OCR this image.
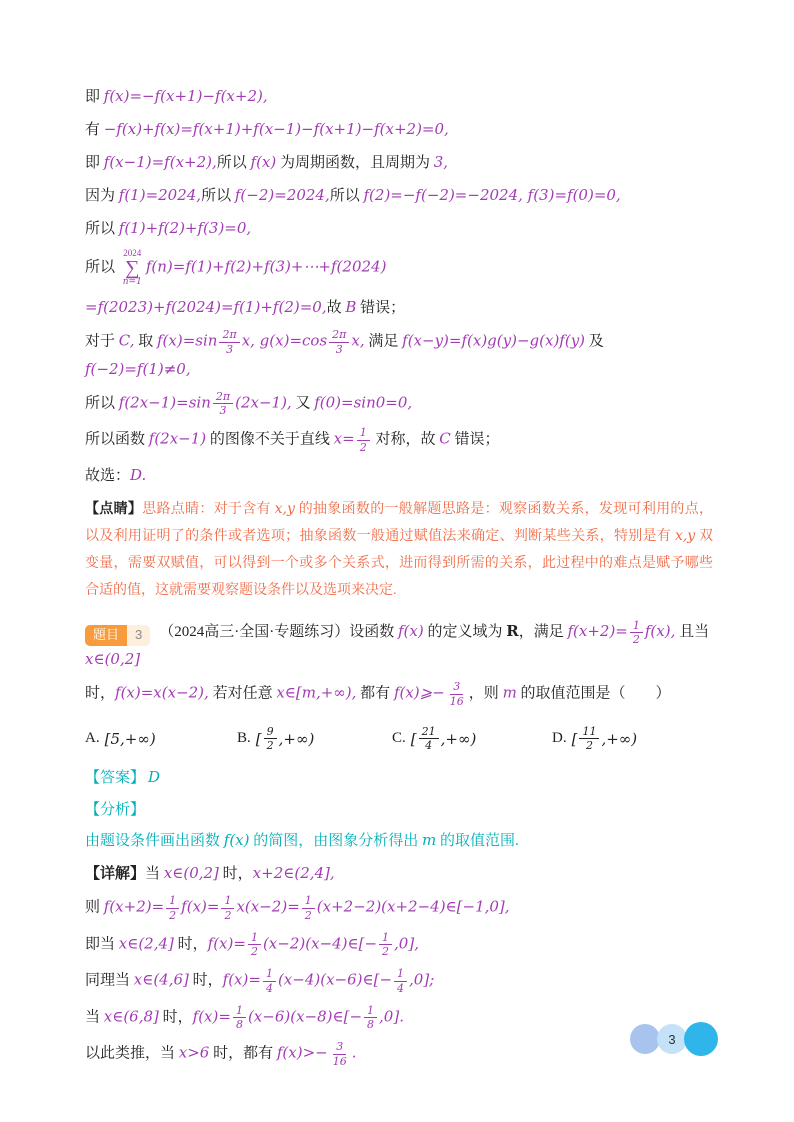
即 f(x)=−f(x+1)−f(x+2),
有 −f(x)+f(x)=f(x+1)+f(x−1)−f(x+1)−f(x+2)=0,
即 f(x−1)=f(x+2),所以 f(x) 为周期函数，且周期为 3,
因为 f(1)=2024,所以 f(−2)=2024,所以 f(2)=−f(−2)=−2024, f(3)=f(0)=0,
所以 f(1)+f(2)+f(3)=0,
所以
2024
∑
n=1
f(n)=f(1)+f(2)+f(3)+⋯+f(2024)
=f(2023)+f(2024)=f(1)+f(2)=0,故 B 错误；
对于 C, 取 $f(x)=\sin \frac{2\pi}{3} x$, $g(x)=\cos \frac{2\pi}{3} x$, 满足 f(x−y)=f(x)g(y)−g(x)f(y) 及 f(−2)=f(1)≠0,
所以 $f(2x-1)=\sin \frac{2\pi}{3} (2x-1)$, 又 f(0)=sin0=0,
所以函数 f(2x−1) 的图像不关于直线 $x= \frac{1}{2}$ 对称，故 C 错误；
故选：D.
【点睛】思路点睛：对于含有 x,y 的抽象函数的一般解题思路是：观察函数关系，发现可利用的点，以及利用证明了的条件或者选项；抽象函数一般通过赋值法来确定、判断某些关系，特别是有 x,y 双变量，需要双赋值，可以得到一个或多个关系式，进而得到所需的关系，此过程中的难点是赋予哪些合适的值，这就需要观察题设条件以及选项来决定.
題目	3	（2024高三·全国·专题练习）设函数 f(x) 的定义域为 R，满足 $f(x+2)= \frac{1}{2} f(x)$, 且当 x∈(0,2]
时，f(x)=x(x−2), 若对任意 x∈[m,+∞), 都有 f(x)⩾− $\frac{3}{16}$ ，则 m 的取值范围是（　　）
A. [5,+∞)	B. [ $\frac{9}{2}$ ,+∞)	C. [ $\frac{21}{4}$ ,+∞)	D. [ $\frac{11}{2}$ ,+∞)
【答案】 D
【分析】
由题设条件画出函数 f(x) 的简图，由图象分析得出 m 的取值范围.
【详解】当 x∈(0,2] 时，x+2∈(2,4],
则 $f(x+2)= \frac{1}{2} f(x)= \frac{1}{2} x(x-2)= \frac{1}{2}$ (x+2−2)(x+2−4)∈[−1,0],
即当 x∈(2,4] 时，$f(x)= \frac{1}{2}$ (x−2)(x−4)∈[− $\frac{1}{2} ,0$],
同理当 x∈(4,6] 时，$f(x)= \frac{1}{4}$ (x−4)(x−6)∈[− $\frac{1}{4} ,0$];
当 x∈(6,8] 时，$f(x)= \frac{1}{8}$ (x−6)(x−8)∈[− $\frac{1}{8} ,0$].
以此类推，当 x>6 时，都有 $f(x)>- \frac{3}{16}$ .
3
